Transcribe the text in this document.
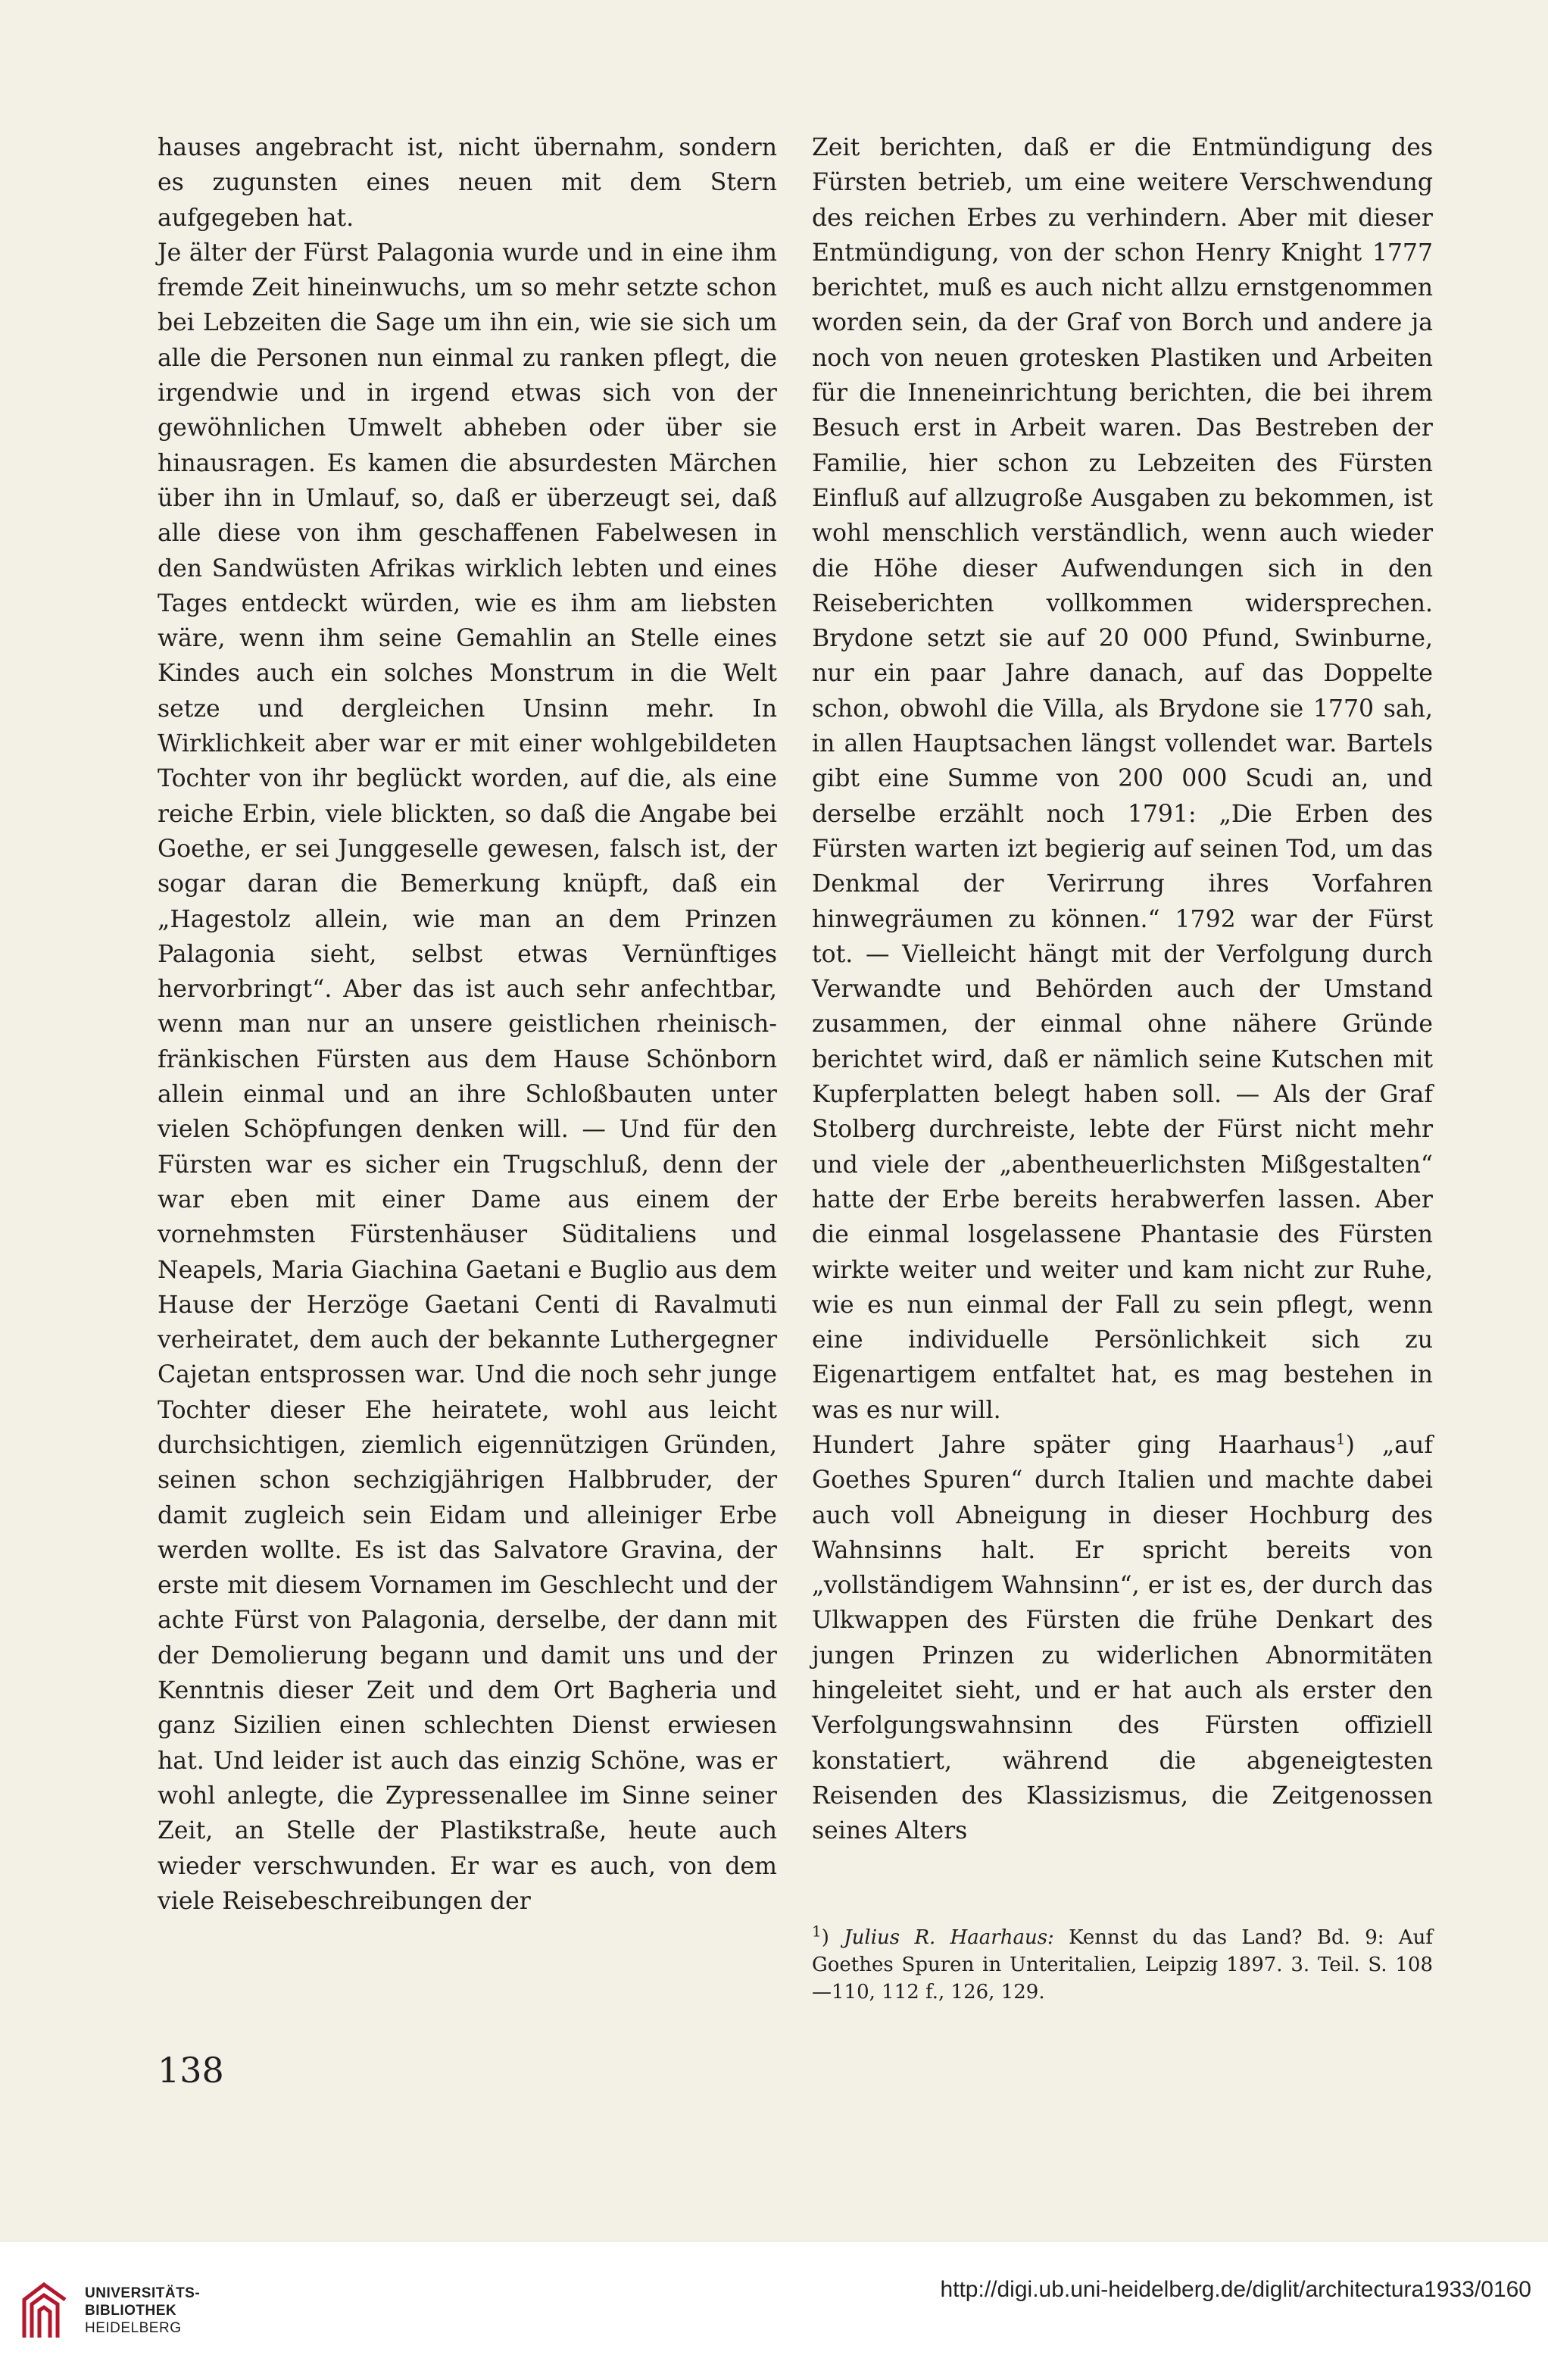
hauses angebracht ist, nicht übernahm, sondern es zugunsten eines neuen mit dem Stern aufgegeben hat.

Je älter der Fürst Palagonia wurde und in eine ihm fremde Zeit hineinwuchs, um so mehr setzte schon bei Lebzeiten die Sage um ihn ein, wie sie sich um alle die Personen nun einmal zu ranken pflegt, die irgendwie und in irgend etwas sich von der gewöhnlichen Umwelt abheben oder über sie hinausragen. Es kamen die absurdesten Märchen über ihn in Umlauf, so, daß er überzeugt sei, daß alle diese von ihm geschaffenen Fabelwesen in den Sandwüsten Afrikas wirklich lebten und eines Tages entdeckt würden, wie es ihm am liebsten wäre, wenn ihm seine Gemahlin an Stelle eines Kindes auch ein solches Monstrum in die Welt setze und dergleichen Unsinn mehr. In Wirklichkeit aber war er mit einer wohlgebildeten Tochter von ihr beglückt worden, auf die, als eine reiche Erbin, viele blickten, so daß die Angabe bei Goethe, er sei Junggeselle gewesen, falsch ist, der sogar daran die Bemerkung knüpft, daß ein „Hagestolz allein, wie man an dem Prinzen Palagonia sieht, selbst etwas Vernünftiges hervorbringt“. Aber das ist auch sehr anfechtbar, wenn man nur an unsere geistlichen rheinisch-fränkischen Fürsten aus dem Hause Schönborn allein einmal und an ihre Schloßbauten unter vielen Schöpfungen denken will. — Und für den Fürsten war es sicher ein Trugschluß, denn der war eben mit einer Dame aus einem der vornehmsten Fürstenhäuser Süditaliens und Neapels, Maria Giachina Gaetani e Buglio aus dem Hause der Herzöge Gaetani Centi di Ravalmuti verheiratet, dem auch der bekannte Luthergegner Cajetan entsprossen war. Und die noch sehr junge Tochter dieser Ehe heiratete, wohl aus leicht durchsichtigen, ziemlich eigennützigen Gründen, seinen schon sechzigjährigen Halbbruder, der damit zugleich sein Eidam und alleiniger Erbe werden wollte. Es ist das Salvatore Gravina, der erste mit diesem Vornamen im Geschlecht und der achte Fürst von Palagonia, derselbe, der dann mit der Demolierung begann und damit uns und der Kenntnis dieser Zeit und dem Ort Bagheria und ganz Sizilien einen schlechten Dienst erwiesen hat. Und leider ist auch das einzig Schöne, was er wohl anlegte, die Zypressenallee im Sinne seiner Zeit, an Stelle der Plastikstraße, heute auch wieder verschwunden. Er war es auch, von dem viele Reisebeschreibungen der

Zeit berichten, daß er die Entmündigung des Fürsten betrieb, um eine weitere Verschwendung des reichen Erbes zu verhindern. Aber mit dieser Entmündigung, von der schon Henry Knight 1777 berichtet, muß es auch nicht allzu ernstgenommen worden sein, da der Graf von Borch und andere ja noch von neuen grotesken Plastiken und Arbeiten für die Inneneinrichtung berichten, die bei ihrem Besuch erst in Arbeit waren. Das Bestreben der Familie, hier schon zu Lebzeiten des Fürsten Einfluß auf allzugroße Ausgaben zu bekommen, ist wohl menschlich verständlich, wenn auch wieder die Höhe dieser Aufwendungen sich in den Reiseberichten vollkommen widersprechen. Brydone setzt sie auf 20 000 Pfund, Swinburne, nur ein paar Jahre danach, auf das Doppelte schon, obwohl die Villa, als Brydone sie 1770 sah, in allen Hauptsachen längst vollendet war. Bartels gibt eine Summe von 200 000 Scudi an, und derselbe erzählt noch 1791: „Die Erben des Fürsten warten izt begierig auf seinen Tod, um das Denkmal der Verirrung ihres Vorfahren hinwegräumen zu können.“ 1792 war der Fürst tot. — Vielleicht hängt mit der Verfolgung durch Verwandte und Behörden auch der Umstand zusammen, der einmal ohne nähere Gründe berichtet wird, daß er nämlich seine Kutschen mit Kupferplatten belegt haben soll. — Als der Graf Stolberg durchreiste, lebte der Fürst nicht mehr und viele der „abentheuerlichsten Mißgestalten“ hatte der Erbe bereits herabwerfen lassen. Aber die einmal losgelassene Phantasie des Fürsten wirkte weiter und weiter und kam nicht zur Ruhe, wie es nun einmal der Fall zu sein pflegt, wenn eine individuelle Persönlichkeit sich zu Eigenartigem entfaltet hat, es mag bestehen in was es nur will.

Hundert Jahre später ging Haarhaus$^1$) „auf Goethes Spuren“ durch Italien und machte dabei auch voll Abneigung in dieser Hochburg des Wahnsinns halt. Er spricht bereits von „vollständigem Wahnsinn“, er ist es, der durch das Ulkwappen des Fürsten die frühe Denkart des jungen Prinzen zu widerlichen Abnormitäten hingeleitet sieht, und er hat auch als erster den Verfolgungswahnsinn des Fürsten offiziell konstatiert, während die abgeneigtesten Reisenden des Klassizismus, die Zeitgenossen seines Alters

$^1$) Julius R. Haarhaus: Kennst du das Land? Bd. 9: Auf Goethes Spuren in Unteritalien, Leipzig 1897. 3. Teil. S. 108—110, 112 f., 126, 129.
138
UNIVERSITÄTS-
BIBLIOTHEK
HEIDELBERG
http://digi.ub.uni-heidelberg.de/diglit/architectura1933/0160
